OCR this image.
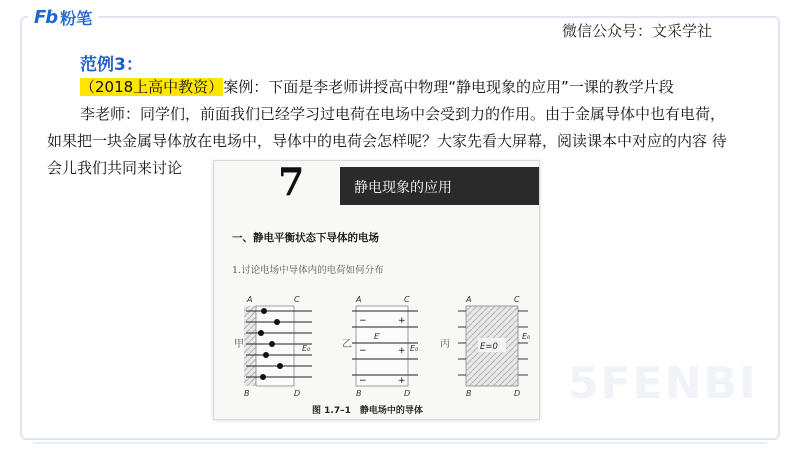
Fb 粉笔
微信公众号：文采学社
范例3：
（2018上高中教资）案例：下面是李老师讲授高中物理“静电现象的应用”一课的教学片段
李老师：同学们，前面我们已经学习过电荷在电场中会受到力的作用。由于金属导体中也有电荷，
如果把一块金属导体放在电场中，导体中的电荷会怎样呢？大家先看大屏幕，阅读课本中对应的内容 待
会儿我们共同来讨论	7	静电现象的应用
一、静电平衡状态下导体的电场
1.讨论电场中导体内的电荷如何分布
甲
A	C
B	D
E₀	乙
−
−
−
+
+
+
E′
A	C
B	D
E₀ 丙	E=0
A	C
B	D
E₀
图 1.7–1　静电场中的导体
5FENBI
